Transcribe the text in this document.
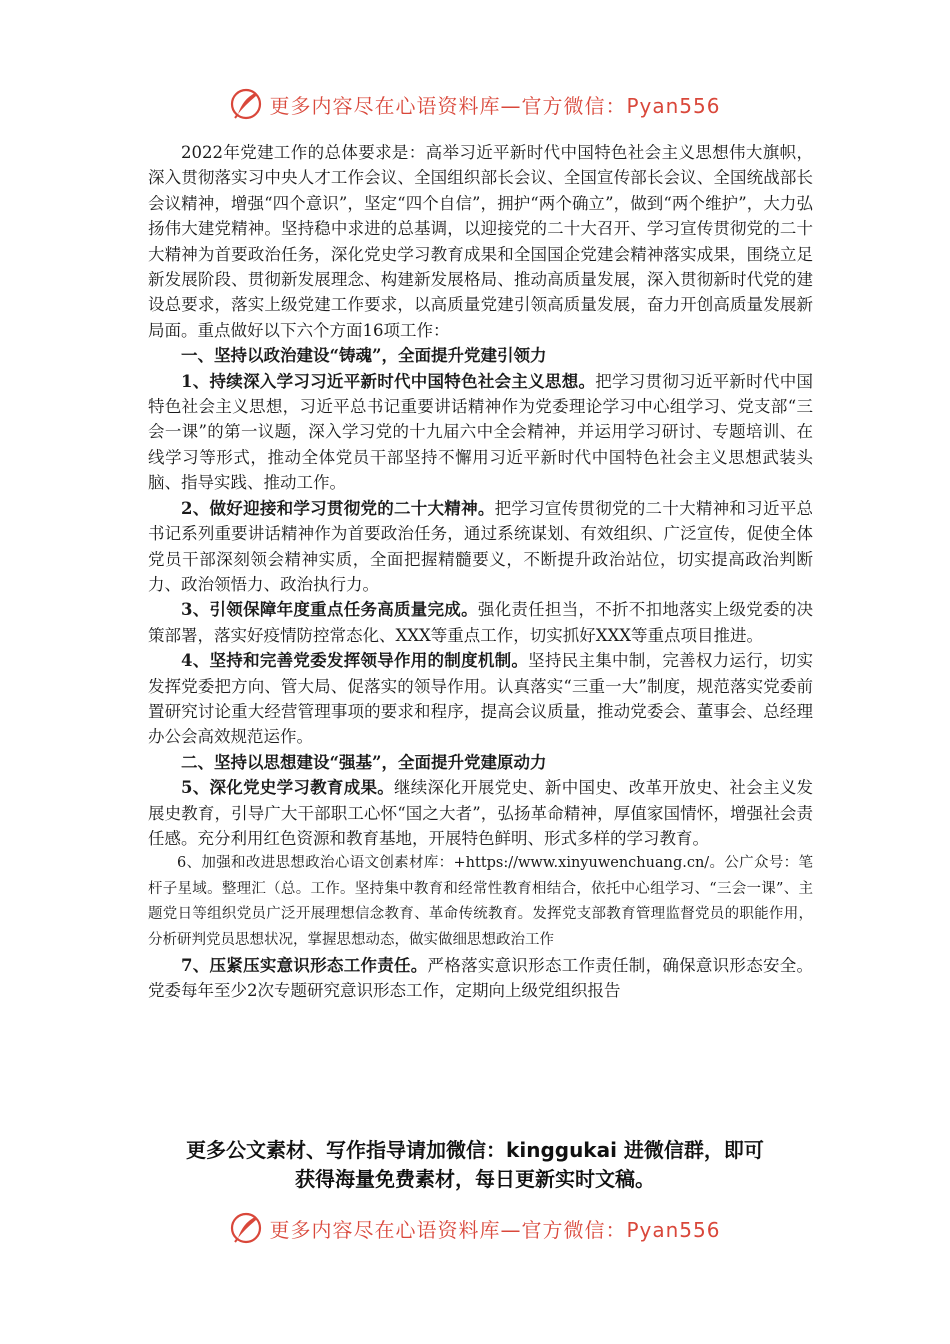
更多内容尽在心语资料库—官方微信：Pyan556

2022年党建工作的总体要求是：高举习近平新时代中国特色社会主义思想伟大旗帜，深入贯彻落实习中央人才工作会议、全国组织部长会议、全国宣传部长会议、全国统战部长会议精神，增强“四个意识”，坚定“四个自信”，拥护“两个确立”，做到“两个维护”，大力弘扬伟大建党精神。坚持稳中求进的总基调，以迎接党的二十大召开、学习宣传贯彻党的二十大精神为首要政治任务，深化党史学习教育成果和全国国企党建会精神落实成果，围绕立足新发展阶段、贯彻新发展理念、构建新发展格局、推动高质量发展，深入贯彻新时代党的建设总要求，落实上级党建工作要求，以高质量党建引领高质量发展，奋力开创高质量发展新局面。重点做好以下六个方面16项工作：

一、坚持以政治建设“铸魂”，全面提升党建引领力

1、持续深入学习习近平新时代中国特色社会主义思想。把学习贯彻习近平新时代中国特色社会主义思想，习近平总书记重要讲话精神作为党委理论学习中心组学习、党支部“三会一课”的第一议题，深入学习党的十九届六中全会精神，并运用学习研讨、专题培训、在线学习等形式，推动全体党员干部坚持不懈用习近平新时代中国特色社会主义思想武装头脑、指导实践、推动工作。

2、做好迎接和学习贯彻党的二十大精神。把学习宣传贯彻党的二十大精神和习近平总书记系列重要讲话精神作为首要政治任务，通过系统谋划、有效组织、广泛宣传，促使全体党员干部深刻领会精神实质，全面把握精髓要义，不断提升政治站位，切实提高政治判断力、政治领悟力、政治执行力。

3、引领保障年度重点任务高质量完成。强化责任担当，不折不扣地落实上级党委的决策部署，落实好疫情防控常态化、XXX等重点工作，切实抓好XXX等重点项目推进。

4、坚持和完善党委发挥领导作用的制度机制。坚持民主集中制，完善权力运行，切实发挥党委把方向、管大局、促落实的领导作用。认真落实“三重一大”制度，规范落实党委前置研究讨论重大经营管理事项的要求和程序，提高会议质量，推动党委会、董事会、总经理办公会高效规范运作。

二、坚持以思想建设“强基”，全面提升党建原动力

5、深化党史学习教育成果。继续深化开展党史、新中国史、改革开放史、社会主义发展史教育，引导广大干部职工心怀“国之大者”，弘扬革命精神，厚值家国情怀，增强社会责任感。充分利用红色资源和教育基地，开展特色鲜明、形式多样的学习教育。

6、加强和改进思想政治心语文创素材库：+https://www.xinyuwenchuang.cn/。公广众号：笔杆子星域。整理汇（总。工作。坚持集中教育和经常性教育相结合，依托中心组学习、“三会一课”、主题党日等组织党员广泛开展理想信念教育、革命传统教育。发挥党支部教育管理监督党员的职能作用，分析研判党员思想状况，掌握思想动态，做实做细思想政治工作

7、压紧压实意识形态工作责任。严格落实意识形态工作责任制，确保意识形态安全。党委每年至少2次专题研究意识形态工作，定期向上级党组织报告

更多公文素材、写作指导请加微信：kinggukai 进微信群，即可
获得海量免费素材，每日更新实时文稿。
更多内容尽在心语资料库—官方微信：Pyan556
